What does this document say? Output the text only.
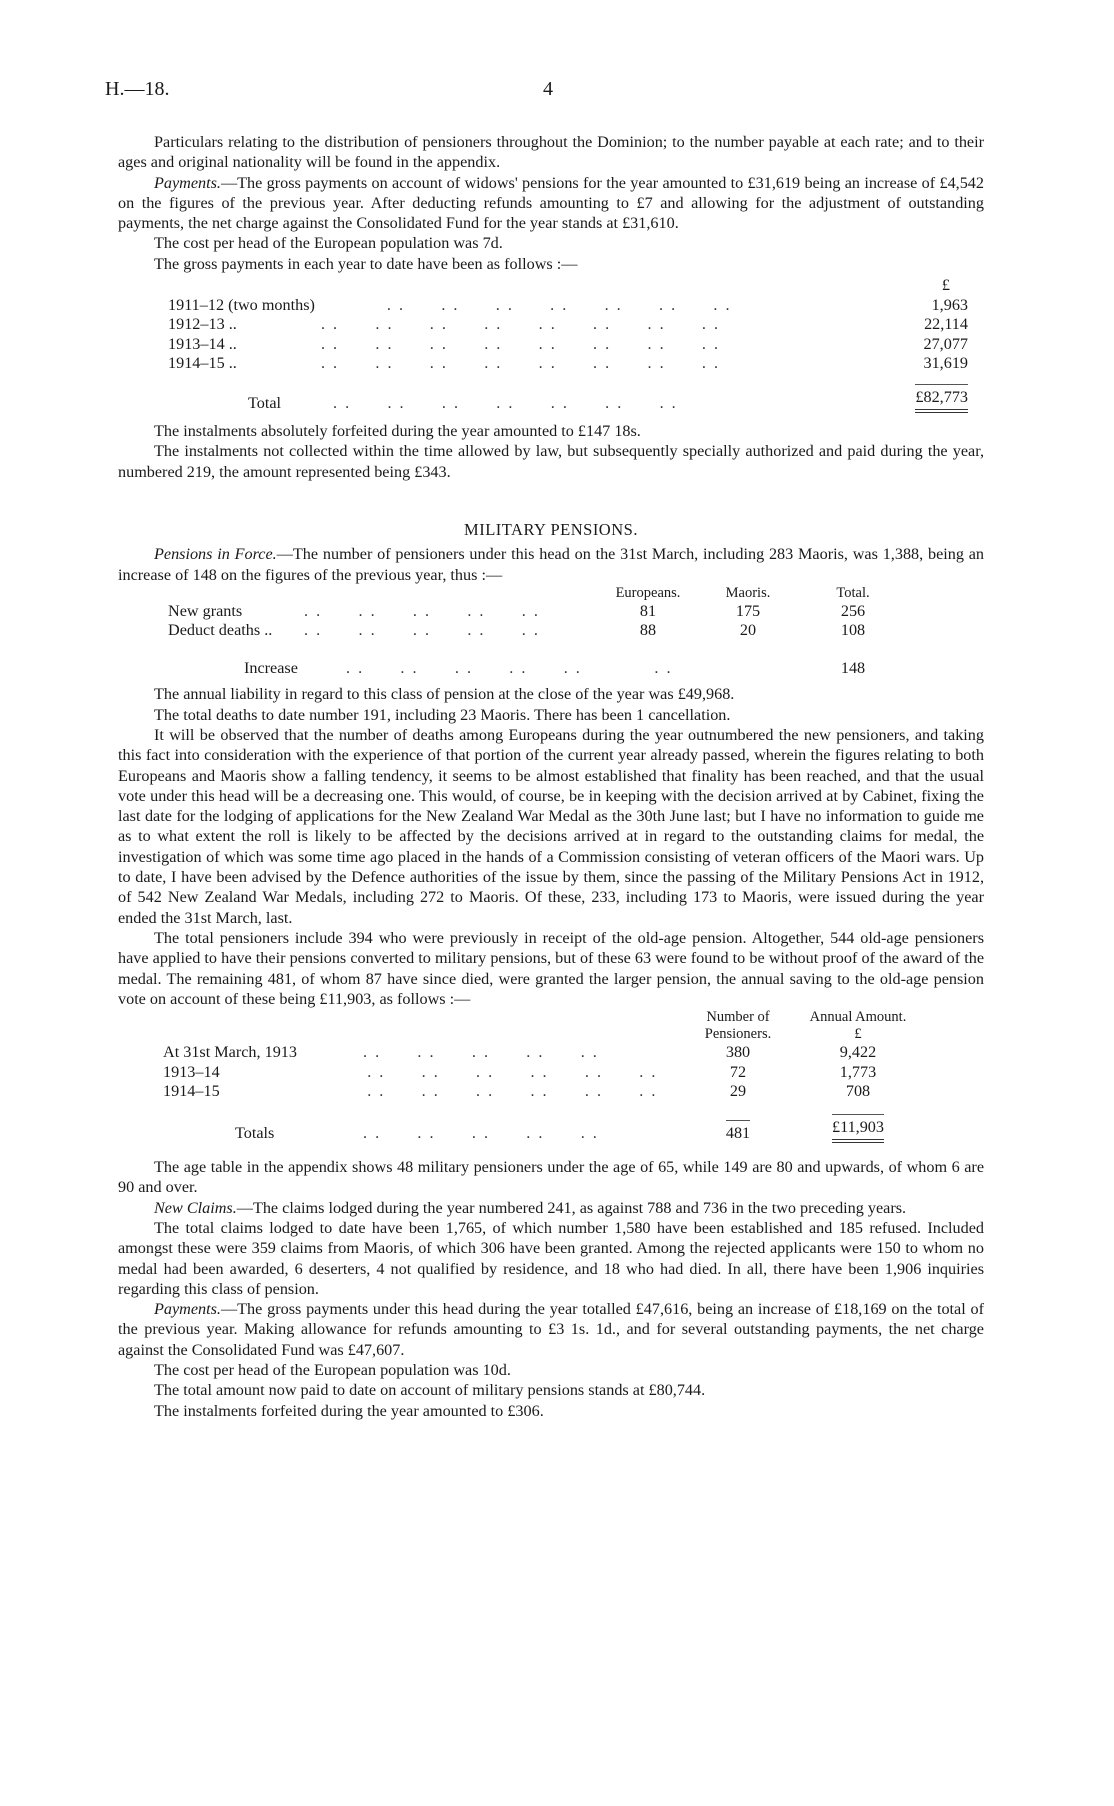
H.—18.	4

Particulars relating to the distribution of pensioners throughout the Dominion; to the number payable at each rate; and to their ages and original nationality will be found in the appendix.

Payments.—The gross payments on account of widows' pensions for the year amounted to £31,619 being an increase of £4,542 on the figures of the previous year. After deducting refunds amounting to £7 and allowing for the adjustment of outstanding payments, the net charge against the Consolidated Fund for the year stands at £31,610.

The cost per head of the European population was 7d.

The gross payments in each year to date have been as follows :—

		£
1911–12 (two months)	. .      . .      . .      . .      . .      . .      . .	1,963
1912–13 ..	. .      . .      . .      . .      . .      . .      . .      . .	22,114
1913–14 ..	. .      . .      . .      . .      . .      . .      . .      . .	27,077
1914–15 ..	. .      . .      . .      . .      . .      . .      . .      . .	31,619

Total	. .      . .      . .      . .      . .      . .      . .	£82,773

The instalments absolutely forfeited during the year amounted to £147 18s.

The instalments not collected within the time allowed by law, but subsequently specially authorized and paid during the year, numbered 219, the amount represented being £343.

MILITARY PENSIONS.

Pensions in Force.—The number of pensioners under this head on the 31st March, including 283 Maoris, was 1,388, being an increase of 148 on the figures of the previous year, thus :—

		Europeans.	Maoris.	Total.
New grants	. .      . .      . .      . .      . .	81	175	256
Deduct deaths ..	. .      . .      . .      . .      . .	88	20	108

Increase	. .      . .      . .      . .      . .            . .			148

The annual liability in regard to this class of pension at the close of the year was £49,968.

The total deaths to date number 191, including 23 Maoris. There has been 1 cancellation.

It will be observed that the number of deaths among Europeans during the year outnumbered the new pensioners, and taking this fact into consideration with the experience of that portion of the current year already passed, wherein the figures relating to both Europeans and Maoris show a falling tendency, it seems to be almost established that finality has been reached, and that the usual vote under this head will be a decreasing one. This would, of course, be in keeping with the decision arrived at by Cabinet, fixing the last date for the lodging of applications for the New Zealand War Medal as the 30th June last; but I have no information to guide me as to what extent the roll is likely to be affected by the decisions arrived at in regard to the outstanding claims for medal, the investigation of which was some time ago placed in the hands of a Commission consisting of veteran officers of the Maori wars. Up to date, I have been advised by the Defence authorities of the issue by them, since the passing of the Military Pensions Act in 1912, of 542 New Zealand War Medals, including 272 to Maoris. Of these, 233, including 173 to Maoris, were issued during the year ended the 31st March, last.

The total pensioners include 394 who were previously in receipt of the old-age pension. Altogether, 544 old-age pensioners have applied to have their pensions converted to military pensions, but of these 63 were found to be without proof of the award of the medal. The remaining 481, of whom 87 have since died, were granted the larger pension, the annual saving to the old-age pension vote on account of these being £11,903, as follows :—

		Number of
Pensioners.	Annual Amount.
£
At 31st March, 1913	. .      . .      . .      . .      . .	380	9,422
1913–14	. .      . .      . .      . .      . .      . .	72	1,773
1914–15	. .      . .      . .      . .      . .      . .	29	708

Totals	. .      . .      . .      . .      . .	481	£11,903

The age table in the appendix shows 48 military pensioners under the age of 65, while 149 are 80 and upwards, of whom 6 are 90 and over.

New Claims.—The claims lodged during the year numbered 241, as against 788 and 736 in the two preceding years.

The total claims lodged to date have been 1,765, of which number 1,580 have been established and 185 refused. Included amongst these were 359 claims from Maoris, of which 306 have been granted. Among the rejected applicants were 150 to whom no medal had been awarded, 6 deserters, 4 not qualified by residence, and 18 who had died. In all, there have been 1,906 inquiries regarding this class of pension.

Payments.—The gross payments under this head during the year totalled £47,616, being an increase of £18,169 on the total of the previous year. Making allowance for refunds amounting to £3 1s. 1d., and for several outstanding payments, the net charge against the Consolidated Fund was £47,607.

The cost per head of the European population was 10d.

The total amount now paid to date on account of military pensions stands at £80,744.

The instalments forfeited during the year amounted to £306.
